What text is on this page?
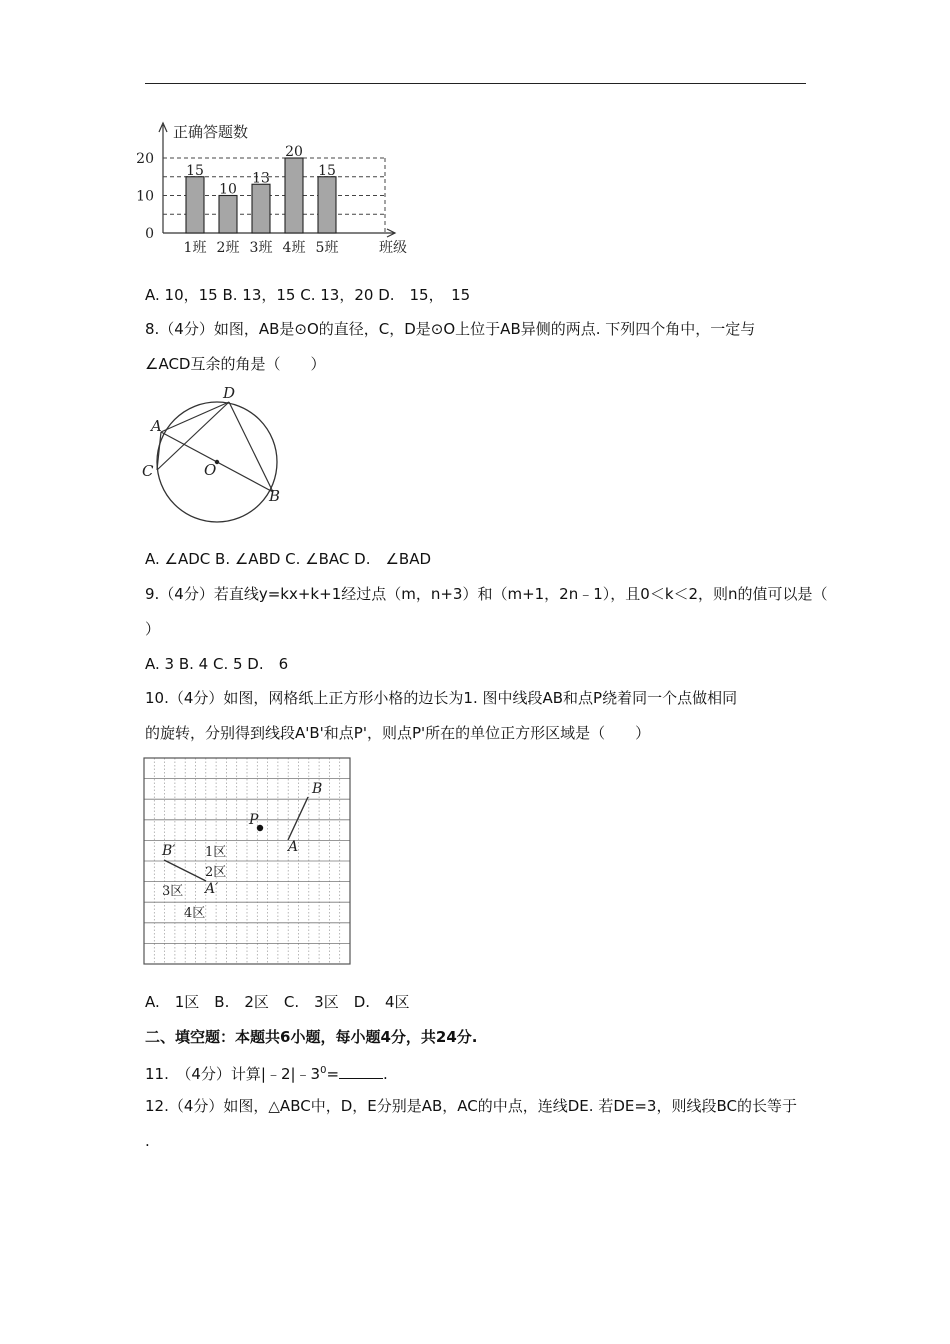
15
1班
10
2班
13
3班
20
4班
15
5班
0
10
20
正确答题数
班级
A. 10，15 B. 13，15 C. 13，20 D.　15，　15
8.（4分）如图，AB是⊙O的直径，C，D是⊙O上位于AB异侧的两点. 下列四个角中，一定与
∠ACD互余的角是（　　）
A
C
D
O
B
A. ∠ADC B. ∠ABD C. ∠BAC D.　∠BAD
9.（4分）若直线y=kx+k+1经过点（m，n+3）和（m+1，2n﹣1），且0＜k＜2，则n的值可以是（
）
A. 3 B. 4 C. 5 D.　6
10.（4分）如图，网格纸上正方形小格的边长为1. 图中线段AB和点P绕着同一个点做相同
的旋转，分别得到线段A'B'和点P'，则点P'所在的单位正方形区域是（　　）
P
B
A
B′
A′
1区
2区
3区
4区
A.　1区　B.　2区　C.　3区　D.　4区
二、填空题：本题共6小题，每小题4分，共24分.
11.　（4分）计算$|﹣2|﹣3^0=$	.
12.（4分）如图，△ABC中，D，E分别是AB，AC的中点，连线DE. 若DE=3，则线段BC的长等于
.
